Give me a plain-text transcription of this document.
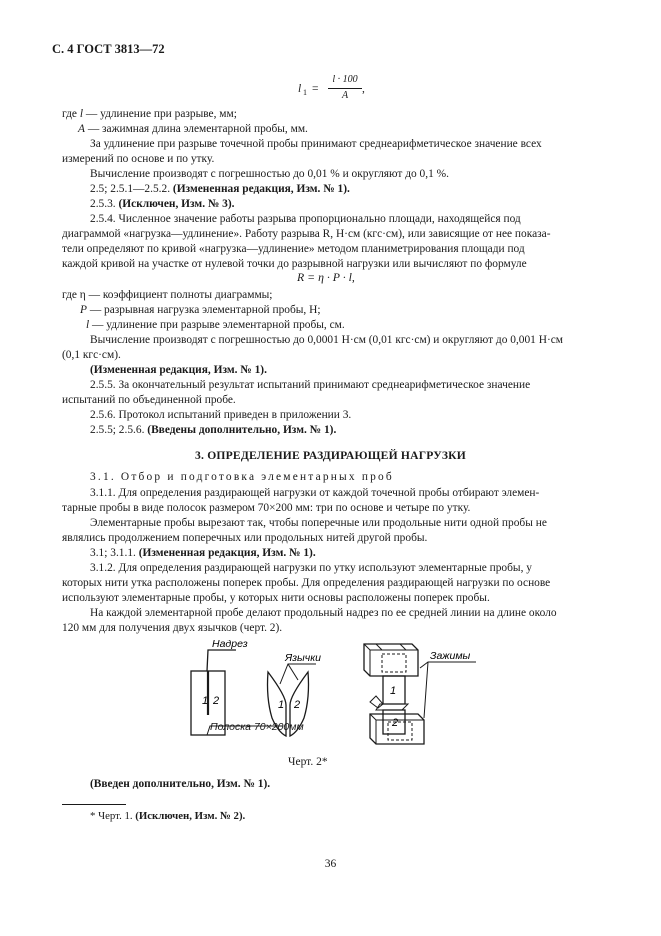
С. 4 ГОСТ 3813—72
l 1 =
l · 100
A
,
где l — удлинение при разрыве, мм;
A — зажимная длина элементарной пробы, мм.
За удлинение при разрыве точечной пробы принимают среднеарифметическое значение всех
измерений по основе и по утку.
Вычисление производят с погрешностью до 0,01 % и округляют до 0,1 %.
2.5; 2.5.1—2.5.2. (Измененная редакция, Изм. № 1).
2.5.3. (Исключен, Изм. № 3).
2.5.4. Численное значение работы разрыва пропорционально площади, находящейся под
диаграммой «нагрузка—удлинение». Работу разрыва R, Н·см (кгс·см), или зависящие от нее показа-
тели определяют по кривой «нагрузка—удлинение» методом планиметрирования площади под
каждой кривой на участке от нулевой точки до разрывной нагрузки или вычисляют по формуле
R = η · P · l,
где η — коэффициент полноты диаграммы;
P — разрывная нагрузка элементарной пробы, Н;
l — удлинение при разрыве элементарной пробы, см.
Вычисление производят с погрешностью до 0,0001 Н·см (0,01 кгс·см) и округляют до 0,001 Н·см
(0,1 кгс·см).
(Измененная редакция, Изм. № 1).
2.5.5. За окончательный результат испытаний принимают среднеарифметическое значение
испытаний по объединенной пробе.
2.5.6. Протокол испытаний приведен в приложении 3.
2.5.5; 2.5.6. (Введены дополнительно, Изм. № 1).
3. ОПРЕДЕЛЕНИЕ РАЗДИРАЮЩЕЙ НАГРУЗКИ
3.1. Отбор и подготовка элементарных проб
3.1.1. Для определения раздирающей нагрузки от каждой точечной пробы отбирают элемен-
тарные пробы в виде полосок размером 70×200 мм: три по основе и четыре по утку.
Элементарные пробы вырезают так, чтобы поперечные или продольные нити одной пробы не
являлись продолжением поперечных или продольных нитей другой пробы.
3.1; 3.1.1. (Измененная редакция, Изм. № 1).
3.1.2. Для определения раздирающей нагрузки по утку используют элементарные пробы, у
которых нити утка расположены поперек пробы. Для определения раздирающей нагрузки по основе
используют элементарные пробы, у которых нити основы расположены поперек пробы.
На каждой элементарной пробе делают продольный надрез по ее средней линии на длине около
120 мм для получения двух язычков (черт. 2).
1 2	1 2
1
2
Надрез
Язычки	Зажимы
Полоска 70×200мм
Черт. 2*
(Введен дополнительно, Изм. № 1).
* Черт. 1. (Исключен, Изм. № 2).
36
